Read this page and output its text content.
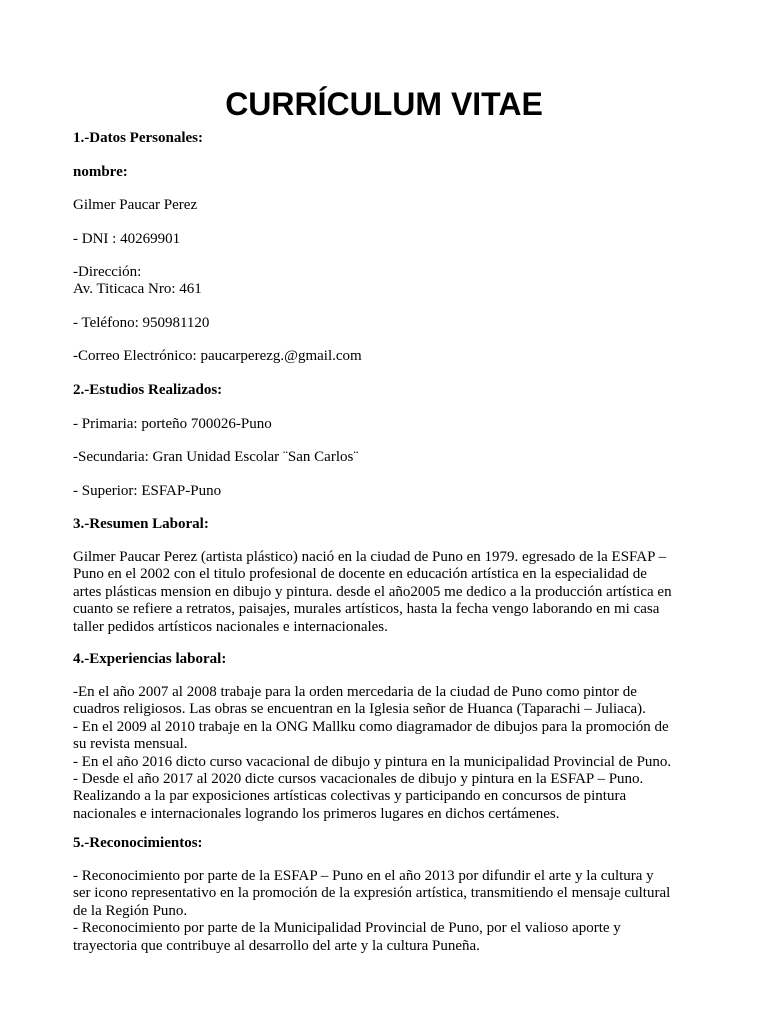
CURRÍCULUM VITAE
1.-Datos Personales:
nombre:
Gilmer Paucar Perez
- DNI : 40269901
-Dirección:
Av. Titicaca Nro: 461
- Teléfono: 950981120
-Correo Electrónico: paucarperezg.@gmail.com
2.-Estudios Realizados:
- Primaria: porteño 700026-Puno
-Secundaria: Gran Unidad Escolar ¨San Carlos¨
- Superior: ESFAP-Puno
3.-Resumen Laboral:
Gilmer Paucar Perez (artista plástico) nació en la ciudad de Puno en 1979. egresado de la ESFAP –
Puno en el 2002 con el titulo profesional de docente en educación artística en la especialidad de
artes plásticas mension en dibujo y pintura. desde el año2005 me dedico a la producción artística en
cuanto se refiere a retratos, paisajes, murales artísticos, hasta la fecha vengo laborando en mi casa
taller pedidos artísticos nacionales e internacionales.
4.-Experiencias laboral:
-En el año 2007 al 2008 trabaje para la orden mercedaria de la ciudad de Puno como pintor de
cuadros religiosos. Las obras se encuentran en la Iglesia señor de Huanca (Taparachi – Juliaca).
- En el 2009 al 2010 trabaje en la ONG Mallku como diagramador de dibujos para la promoción de
su revista mensual.
- En el año 2016 dicto curso vacacional de dibujo y pintura en la municipalidad Provincial de Puno.
- Desde el año 2017 al 2020 dicte cursos vacacionales de dibujo y pintura en la ESFAP – Puno.
Realizando a la par exposiciones artísticas colectivas y participando en concursos de pintura
nacionales e internacionales logrando los primeros lugares en dichos certámenes.
5.-Reconocimientos:
- Reconocimiento por parte de la ESFAP – Puno en el año 2013 por difundir el arte y la cultura y
ser icono representativo en la promoción de la expresión artística, transmitiendo el mensaje cultural
de la Región Puno.
- Reconocimiento por parte de la Municipalidad Provincial de Puno, por el valioso aporte y
trayectoria que contribuye al desarrollo del arte y la cultura Puneña.
